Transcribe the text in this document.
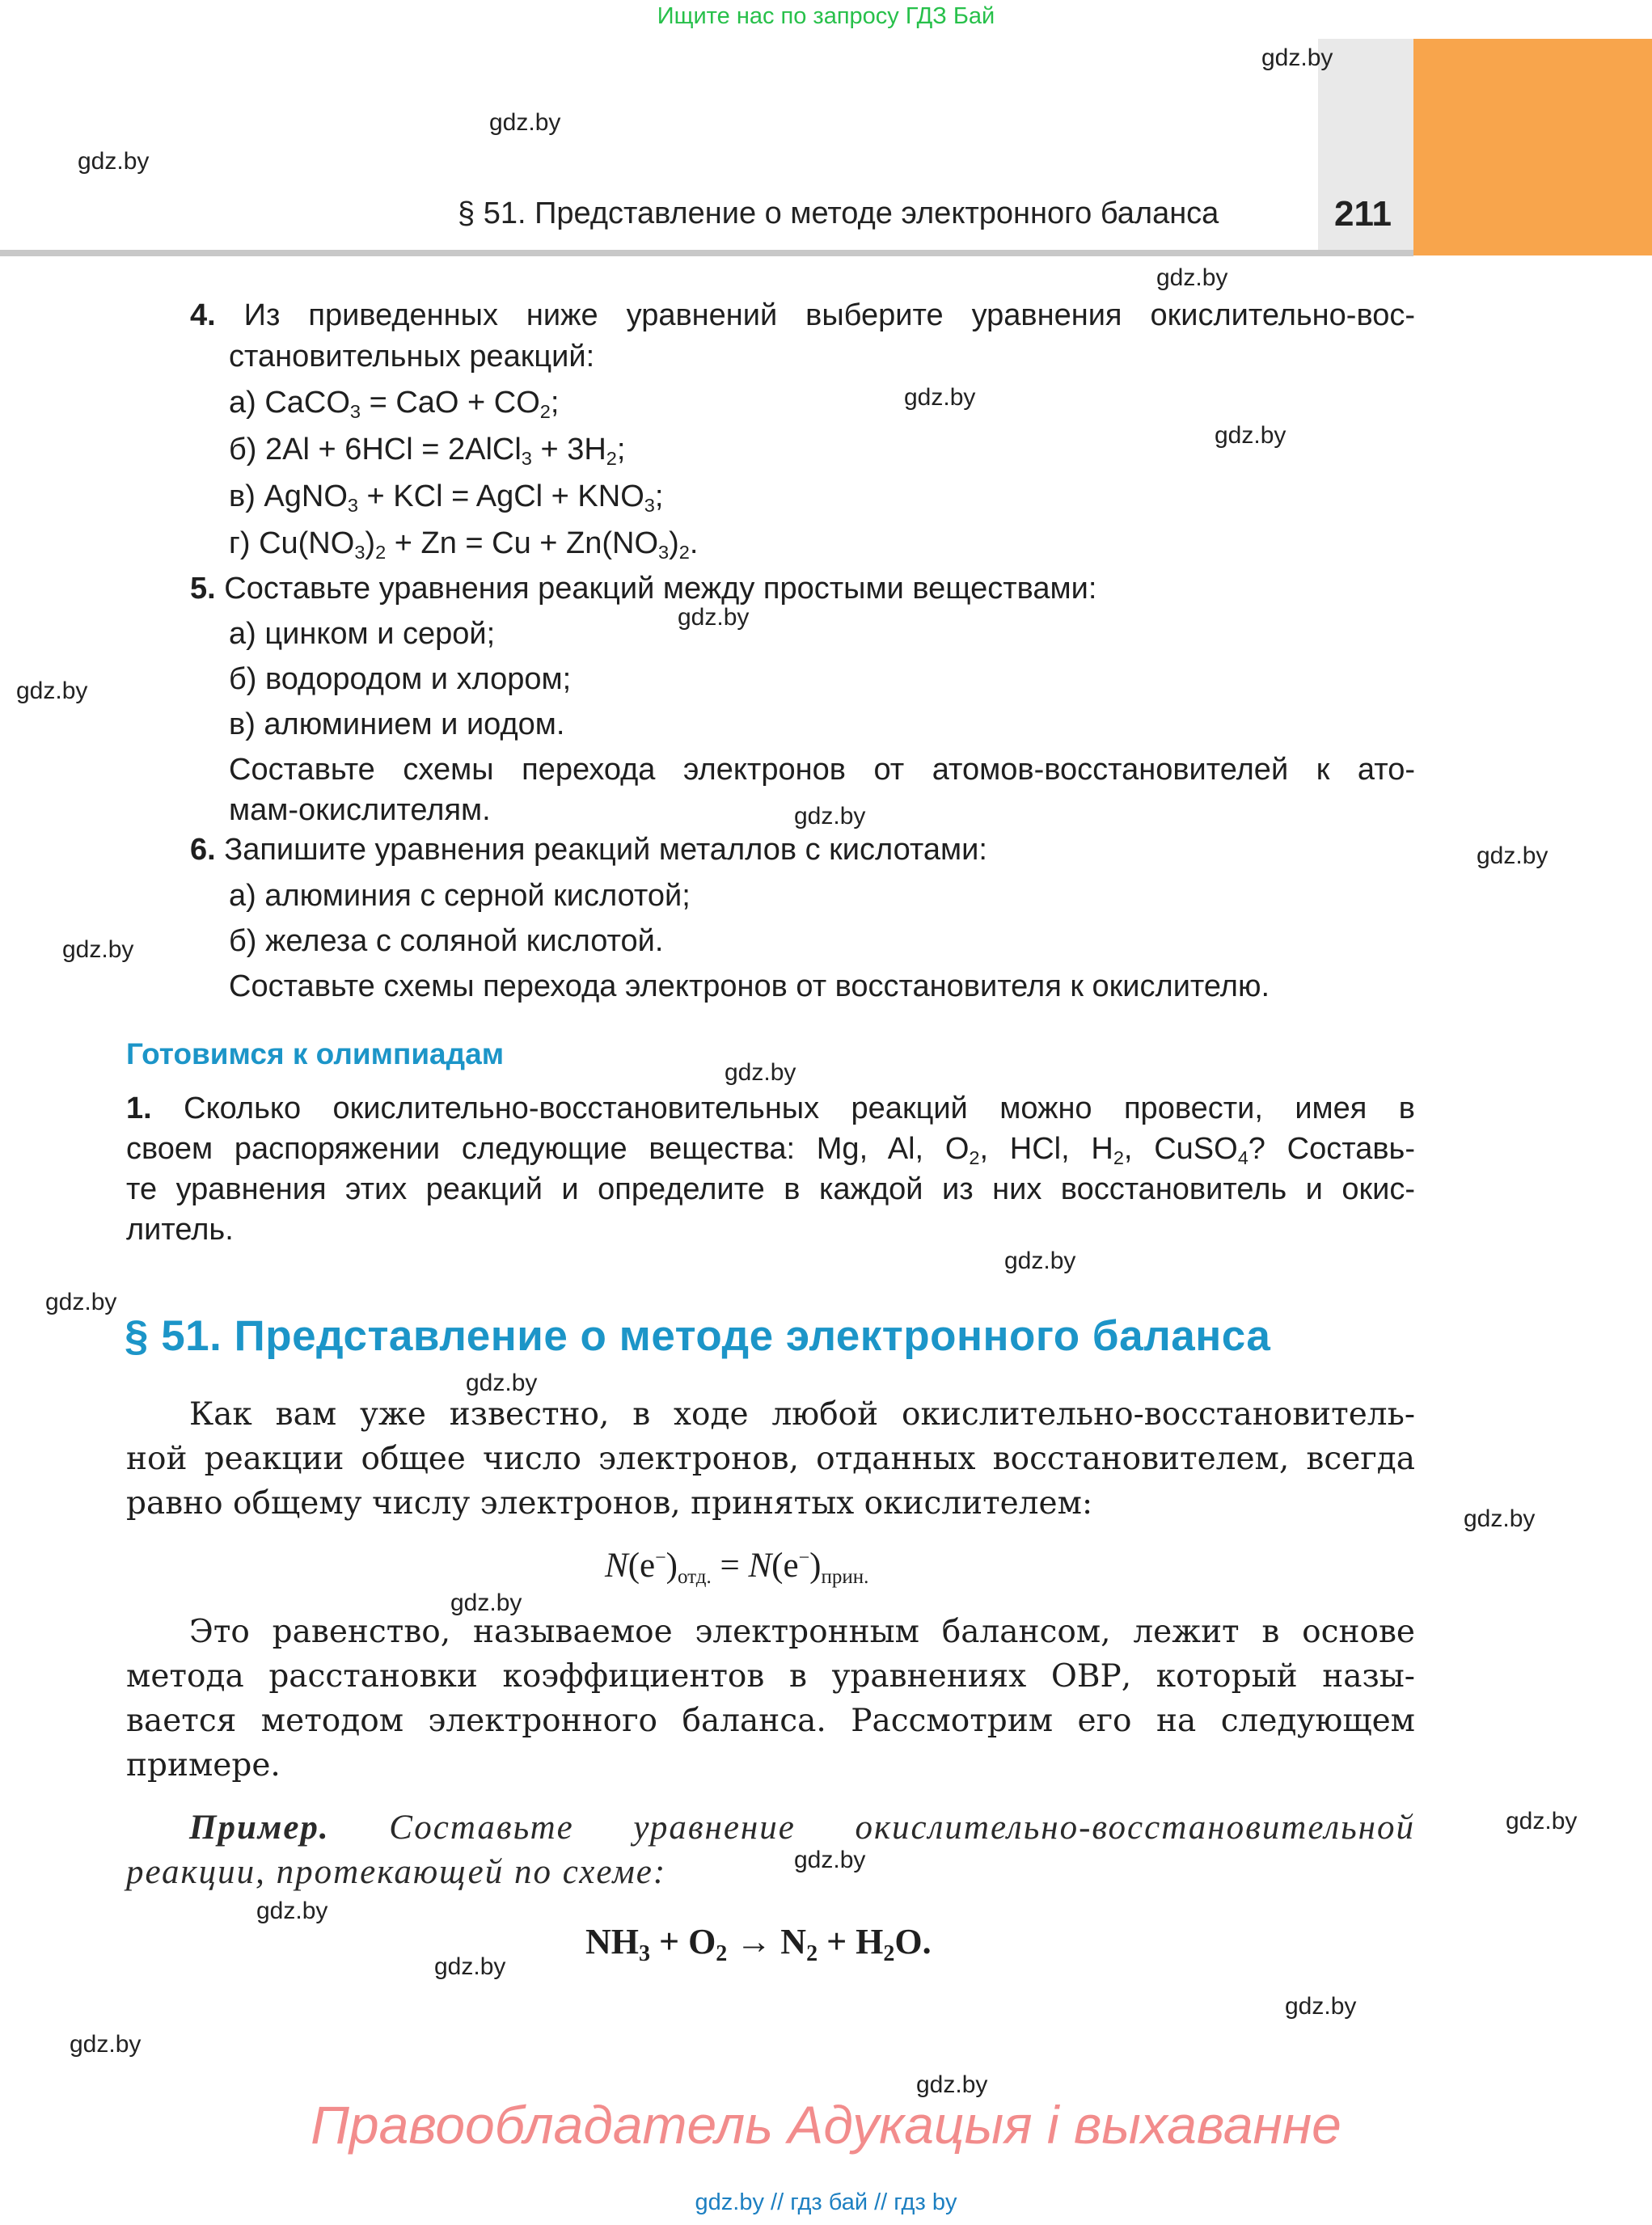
Ищите нас по запросу ГДЗ Бай
§ 51. Представление о методе электронного баланса	211
gdz.by
gdz.by
gdz.by
gdz.by
gdz.by
gdz.by
gdz.by
gdz.by
gdz.by
gdz.by
gdz.by
gdz.by
gdz.by
gdz.by
gdz.by
gdz.by
gdz.by
gdz.by
gdz.by
gdz.by
gdz.by
gdz.by
gdz.by
gdz.by
4. Из приведенных ниже уравнений выберите уравнения окислительно-вос-
становительных реакций:
а) CaCO$_3$ = CaO + $CO_2$;
б) 2Al + 6HCl = 2AlCl$_3$ + $3H_2$;
в) AgNO$_3$ + KCl = AgCl + $KNO_3$;
г) $Cu(NO_3)_2 + Zn = Cu + Zn(NO_3)_2$.
5. Составьте уравнения реакций между простыми веществами:
а) цинком и серой;
б) водородом и хлором;
в) алюминием и иодом.
Составьте схемы перехода электронов от атомов-восстановителей к ато-
мам-окислителям.
6. Запишите уравнения реакций металлов с кислотами:
а) алюминия с серной кислотой;
б) железа с соляной кислотой.
Составьте схемы перехода электронов от восстановителя к окислителю.
Готовимся к олимпиадам
1. Сколько окислительно-восстановительных реакций можно провести, имея в
своем распоряжении следующие вещества: Mg, Al, $O_2$, HCl, $H_2$, CuSO$_4$? Составь-
те уравнения этих реакций и определите в каждой из них восстановитель и окис-
литель.
§ 51. Представление о методе электронного баланса
Как вам уже известно, в ходе любой окислительно-восстановитель-
ной реакции общее число электронов, отданных восстановителем, всегда
равно общему числу электронов, принятых окислителем:
N(e−)отд. = N(e−)прин.
Это равенство, называемое электронным балансом, лежит в основе
метода расстановки коэффициентов в уравнениях ОВР, который назы-
вается методом электронного баланса. Рассмотрим его на следующем
примере.
Пример. Составьте уравнение окислительно-восстановительной
реакции, протекающей по схеме:
$NH_3 + O_2 \to N_2 + H_2O$.
Правообладатель Адукацыя і выхаванне
gdz.by // гдз бай // гдз by
